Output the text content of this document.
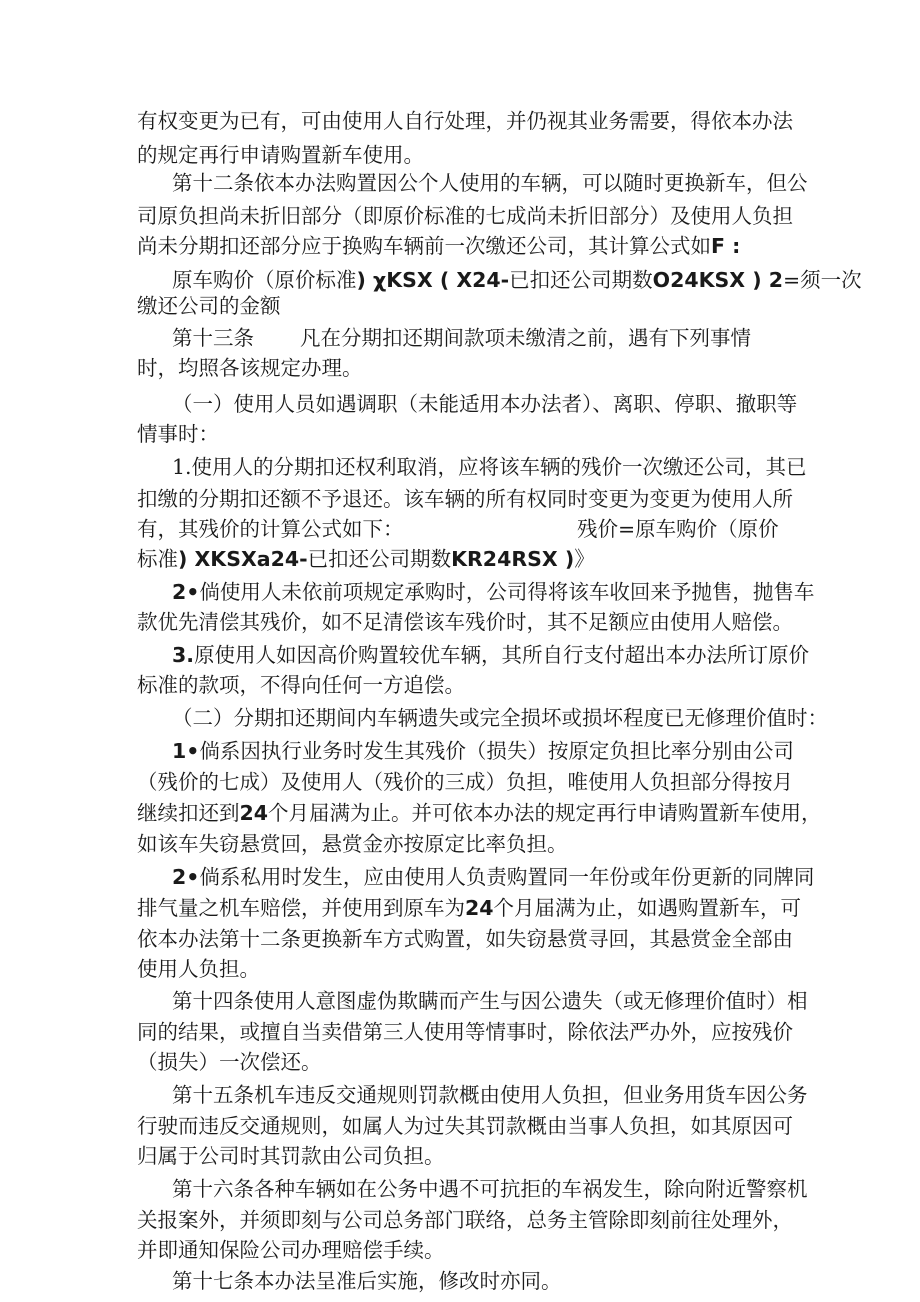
有权变更为已有，可由使用人自行处理，并仍视其业务需要，得依本办法
的规定再行申请购置新车使用。
第十二条依本办法购置因公个人使用的车辆，可以随时更换新车，但公
司原负担尚未折旧部分（即原价标准的七成尚未折旧部分）及使用人负担
尚未分期扣还部分应于换购车辆前一次缴还公司，其计算公式如F :
原车购价（原价标准) χKSX ( X24-已扣还公司期数O24KSX ) 2=须一次
缴还公司的金额
第十三条 凡在分期扣还期间款项未缴清之前，遇有下列事情
时，均照各该规定办理。
（一）使用人员如遇调职（未能适用本办法者）、离职、停职、撤职等
情事时：
1.使用人的分期扣还权利取消，应将该车辆的残价一次缴还公司，其已
扣缴的分期扣还额不予退还。该车辆的所有权同时变更为变更为使用人所
有，其残价的计算公式如下：	残价=原车购价（原价
标准) XKSXa24-已扣还公司期数KR24RSX )》
2•倘使用人未依前项规定承购时，公司得将该车收回来予抛售，抛售车
款优先清偿其残价，如不足清偿该车残价时，其不足额应由使用人赔偿。
3.原使用人如因高价购置较优车辆，其所自行支付超出本办法所订原价
标准的款项，不得向任何一方追偿。
（二）分期扣还期间内车辆遗失或完全损坏或损坏程度已无修理价值时：
1•倘系因执行业务时发生其残价（损失）按原定负担比率分别由公司
（残价的七成）及使用人（残价的三成）负担，唯使用人负担部分得按月
继续扣还到24个月届满为止。并可依本办法的规定再行申请购置新车使用，
如该车失窃悬赏回，悬赏金亦按原定比率负担。
2•倘系私用时发生，应由使用人负责购置同一年份或年份更新的同牌同
排气量之机车赔偿，并使用到原车为24个月届满为止，如遇购置新车，可
依本办法第十二条更换新车方式购置，如失窃悬赏寻回，其悬赏金全部由
使用人负担。
第十四条使用人意图虚伪欺瞒而产生与因公遗失（或无修理价值时）相
同的结果，或擅自当卖借第三人使用等情事时，除依法严办外，应按残价
（损失）一次偿还。
第十五条机车违反交通规则罚款概由使用人负担，但业务用货车因公务
行驶而违反交通规则，如属人为过失其罚款概由当事人负担，如其原因可
归属于公司时其罚款由公司负担。
第十六条各种车辆如在公务中遇不可抗拒的车祸发生，除向附近警察机
关报案外，并须即刻与公司总务部门联络，总务主管除即刻前往处理外，
并即通知保险公司办理赔偿手续。
第十七条本办法呈准后实施，修改时亦同。
